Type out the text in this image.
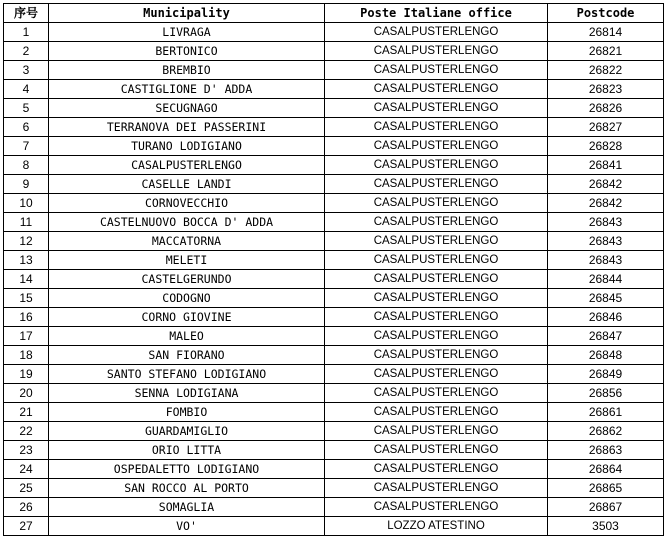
序号	Municipality	Poste Italiane office	Postcode
1	LIVRAGA	CASALPUSTERLENGO	26814
2	BERTONICO	CASALPUSTERLENGO	26821
3	BREMBIO	CASALPUSTERLENGO	26822
4	CASTIGLIONE D' ADDA	CASALPUSTERLENGO	26823
5	SECUGNAGO	CASALPUSTERLENGO	26826
6	TERRANOVA DEI PASSERINI	CASALPUSTERLENGO	26827
7	TURANO LODIGIANO	CASALPUSTERLENGO	26828
8	CASALPUSTERLENGO	CASALPUSTERLENGO	26841
9	CASELLE LANDI	CASALPUSTERLENGO	26842
10	CORNOVECCHIO	CASALPUSTERLENGO	26842
11	CASTELNUOVO BOCCA D' ADDA	CASALPUSTERLENGO	26843
12	MACCATORNA	CASALPUSTERLENGO	26843
13	MELETI	CASALPUSTERLENGO	26843
14	CASTELGERUNDO	CASALPUSTERLENGO	26844
15	CODOGNO	CASALPUSTERLENGO	26845
16	CORNO GIOVINE	CASALPUSTERLENGO	26846
17	MALEO	CASALPUSTERLENGO	26847
18	SAN FIORANO	CASALPUSTERLENGO	26848
19	SANTO STEFANO LODIGIANO	CASALPUSTERLENGO	26849
20	SENNA LODIGIANA	CASALPUSTERLENGO	26856
21	FOMBIO	CASALPUSTERLENGO	26861
22	GUARDAMIGLIO	CASALPUSTERLENGO	26862
23	ORIO LITTA	CASALPUSTERLENGO	26863
24	OSPEDALETTO LODIGIANO	CASALPUSTERLENGO	26864
25	SAN ROCCO AL PORTO	CASALPUSTERLENGO	26865
26	SOMAGLIA	CASALPUSTERLENGO	26867
27	VO'	LOZZO ATESTINO	3503
